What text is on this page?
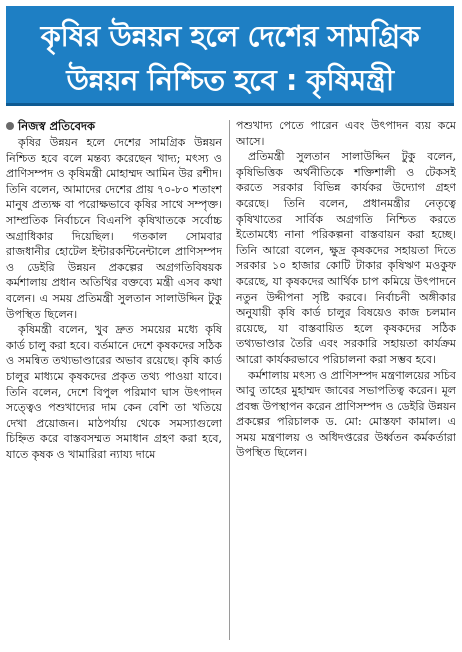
কৃষির উন্নয়ন হলে দেশের সামগ্রিক
উন্নয়ন নিশ্চিত হবে : কৃষিমন্ত্রী
নিজস্ব প্রতিবেদক

কৃষির উন্নয়ন হলে দেশের সামগ্রিক উন্নয়ন নিশ্চিত হবে বলে মন্তব্য করেছেন খাদ্য; মৎস্য ও প্রাণিসম্পদ ও কৃষিমন্ত্রী মোহাম্মদ আমিন উর রশীদ। তিনি বলেন, আমাদের দেশের প্রায় ৭০-৮০ শতাংশ মানুষ প্রত্যক্ষ বা পরোক্ষভাবে কৃষির সাথে সম্পৃক্ত। সাম্প্রতিক নির্বাচনে বিএনপি কৃষিখাতকে সর্বোচ্চ অগ্রাধিকার দিয়েছিল। গতকাল সোমবার রাজধানীর হোটেল ইন্টারকন্টিনেন্টালে প্রাণিসম্পদ ও ডেইরি উন্নয়ন প্রকল্পের অগ্রগতিবিষয়ক কর্মশালায় প্রধান অতিথির বক্তব্যে মন্ত্রী এসব কথা বলেন। এ সময় প্রতিমন্ত্রী সুলতান সালাউদ্দিন টুকু উপস্থিত ছিলেন।

কৃষিমন্ত্রী বলেন, খুব দ্রুত সময়ের মধ্যে কৃষি কার্ড চালু করা হবে। বর্তমানে দেশে কৃষকদের সঠিক ও সমন্বিত তথ্যভাণ্ডারের অভাব রয়েছে। কৃষি কার্ড চালুর মাধ্যমে কৃষকদের প্রকৃত তথ্য পাওয়া যাবে। তিনি বলেন, দেশে বিপুল পরিমাণ ঘাস উৎপাদন সত্ত্বেও পশুখাদ্যের দাম কেন বেশি তা খতিয়ে দেখা প্রয়োজন। মাঠপর্যায় থেকে সমস্যাগুলো চিহ্নিত করে বাস্তবসম্মত সমাধান গ্রহণ করা হবে, যাতে কৃষক ও খামারিরা ন্যায্য দামে

পশুখাদ্য পেতে পারেন এবং উৎপাদন ব্যয় কমে আসে।

প্রতিমন্ত্রী সুলতান সালাউদ্দিন টুকু বলেন, কৃষিভিত্তিক অর্থনীতিকে শক্তিশালী ও টেকসই করতে সরকার বিভিন্ন কার্যকর উদ্যোগ গ্রহণ করেছে। তিনি বলেন, প্রধানমন্ত্রীর নেতৃত্বে কৃষিখাতের সার্বিক অগ্রগতি নিশ্চিত করতে ইতোমধ্যে নানা পরিকল্পনা বাস্তবায়ন করা হচ্ছে। তিনি আরো বলেন, ক্ষুদ্র কৃষকদের সহায়তা দিতে সরকার ১০ হাজার কোটি টাকার কৃষিঋণ মওকুফ করেছে, যা কৃষকদের আর্থিক চাপ কমিয়ে উৎপাদনে নতুন উদ্দীপনা সৃষ্টি করবে। নির্বাচনী অঙ্গীকার অনুযায়ী কৃষি কার্ড চালুর বিষয়েও কাজ চলমান রয়েছে, যা বাস্তবায়িত হলে কৃষকদের সঠিক তথ্যভাণ্ডার তৈরি এবং সরকারি সহায়তা কার্যক্রম আরো কার্যকরভাবে পরিচালনা করা সম্ভব হবে।

কর্মশালায় মৎস্য ও প্রাণিসম্পদ মন্ত্রণালয়ের সচিব আবু তাহের মুহাম্মদ জাবের সভাপতিত্ব করেন। মূল প্রবন্ধ উপস্থাপন করেন প্রাণিসম্পদ ও ডেইরি উন্নয়ন প্রকল্পের পরিচালক ড. মো: মোস্তফা কামাল। এ সময় মন্ত্রণালয় ও অধিদপ্তরের উর্ধ্বতন কর্মকর্তারা উপস্থিত ছিলেন।
